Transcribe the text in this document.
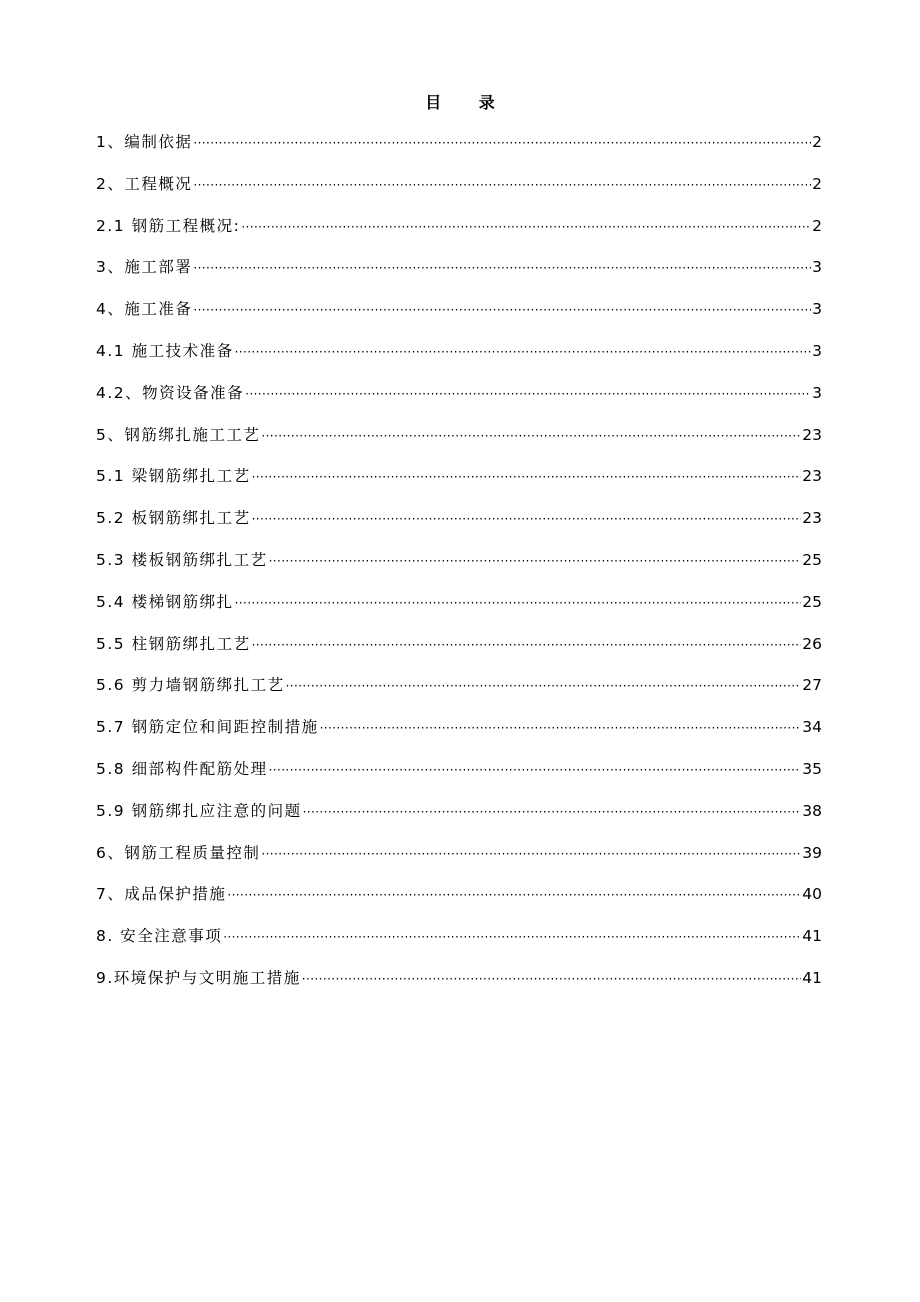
目 录
1、编制依据 ·····	2
2、工程概况 ·····	2
2.1 钢筋工程概况: ·····	2
3、施工部署 ·····	3
4、施工准备 ·····	3
4.1 施工技术准备 ·····	3
4.2、物资设备准备 ·····	3
5、钢筋绑扎施工工艺 ·····	23
5.1 梁钢筋绑扎工艺 ·····	23
5.2 板钢筋绑扎工艺 ·····	23
5.3 楼板钢筋绑扎工艺 ·····	25
5.4 楼梯钢筋绑扎 ·····	25
5.5 柱钢筋绑扎工艺 ·····	26
5.6 剪力墙钢筋绑扎工艺 ·····	27
5.7 钢筋定位和间距控制措施 ·····	34
5.8 细部构件配筋处理 ·····	35
5.9 钢筋绑扎应注意的问题 ·····	38
6、钢筋工程质量控制 ·····	39
7、成品保护措施 ·····	40
8. 安全注意事项 ·····	41
9.环境保护与文明施工措施 ·····	41
